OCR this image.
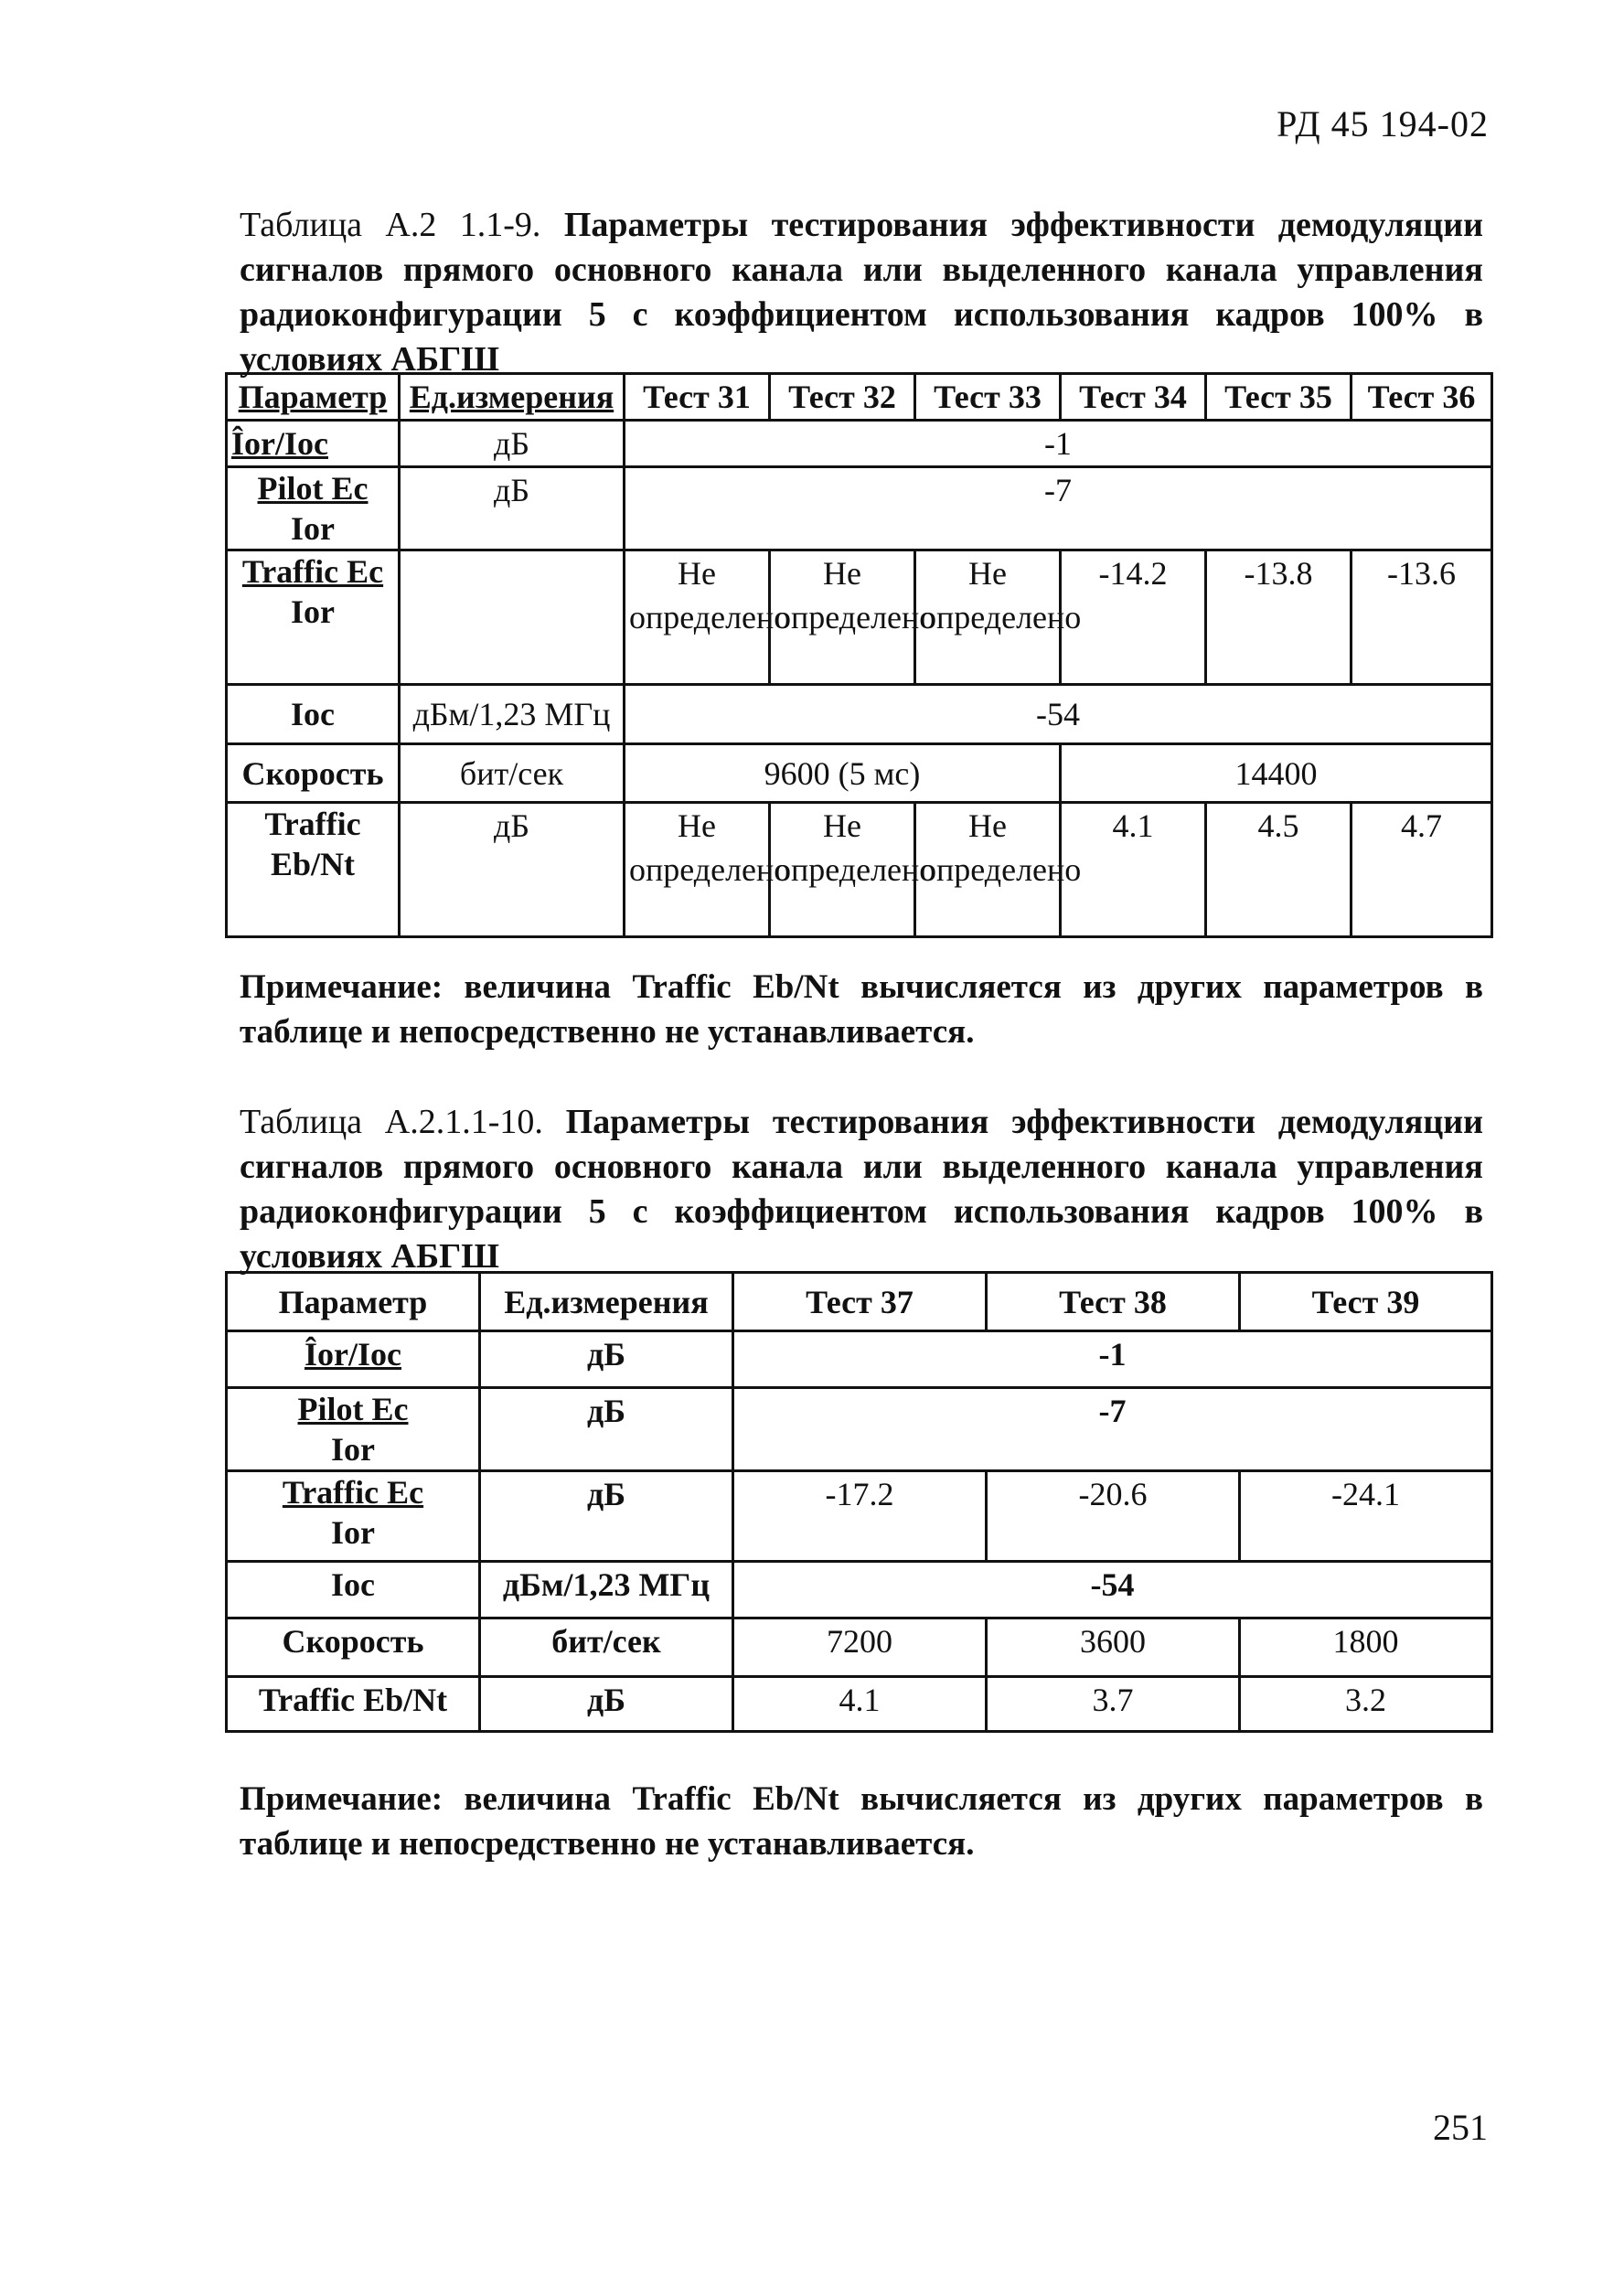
РД 45 194-02
Таблица А.2 1.1-9. Параметры тестирования эффективности демодуляции сигналов прямого основного канала или выделенного канала управления радиоконфигурации 5 с коэффициентом использования кадров 100% в условиях АБГШ
Параметр	Ед.измерения	Тест 31	Тест 32	Тест 33	Тест 34	Тест 35	Тест 36
Îor/Ioc	дБ	-1					

Pilot Ec
Ior	дБ	-7					

Traffic Ec
Ior		Не определено	Не определено	Не определено	-14.2	-13.8	-13.6
Ioc	дБм/1,23 МГц	-54					
Скорость	бит/сек	9600 (5 мс)			14400		

Traffic
Eb/Nt	дБ	Не определено	Не определено	Не определено	4.1	4.5	4.7
Примечание: величина Traffic Eb/Nt вычисляется из других параметров в таблице и непосредственно не устанавливается.
Таблица А.2.1.1-10. Параметры тестирования эффективности демодуляции сигналов прямого основного канала или выделенного канала управления радиоконфигурации 5 с коэффициентом использования кадров 100% в условиях АБГШ
Параметр	Ед.измерения	Тест 37	Тест 38	Тест 39
Îor/Ioc	дБ	-1		

Pilot Ec
Ior	дБ	-7		

Traffic Ec
Ior	дБ	-17.2	-20.6	-24.1
Ioc	дБм/1,23 МГц	-54		
Скорость	бит/сек	7200	3600	1800
Traffic Eb/Nt	дБ	4.1	3.7	3.2
Примечание: величина Traffic Eb/Nt вычисляется из других параметров в таблице и непосредственно не устанавливается.
251
